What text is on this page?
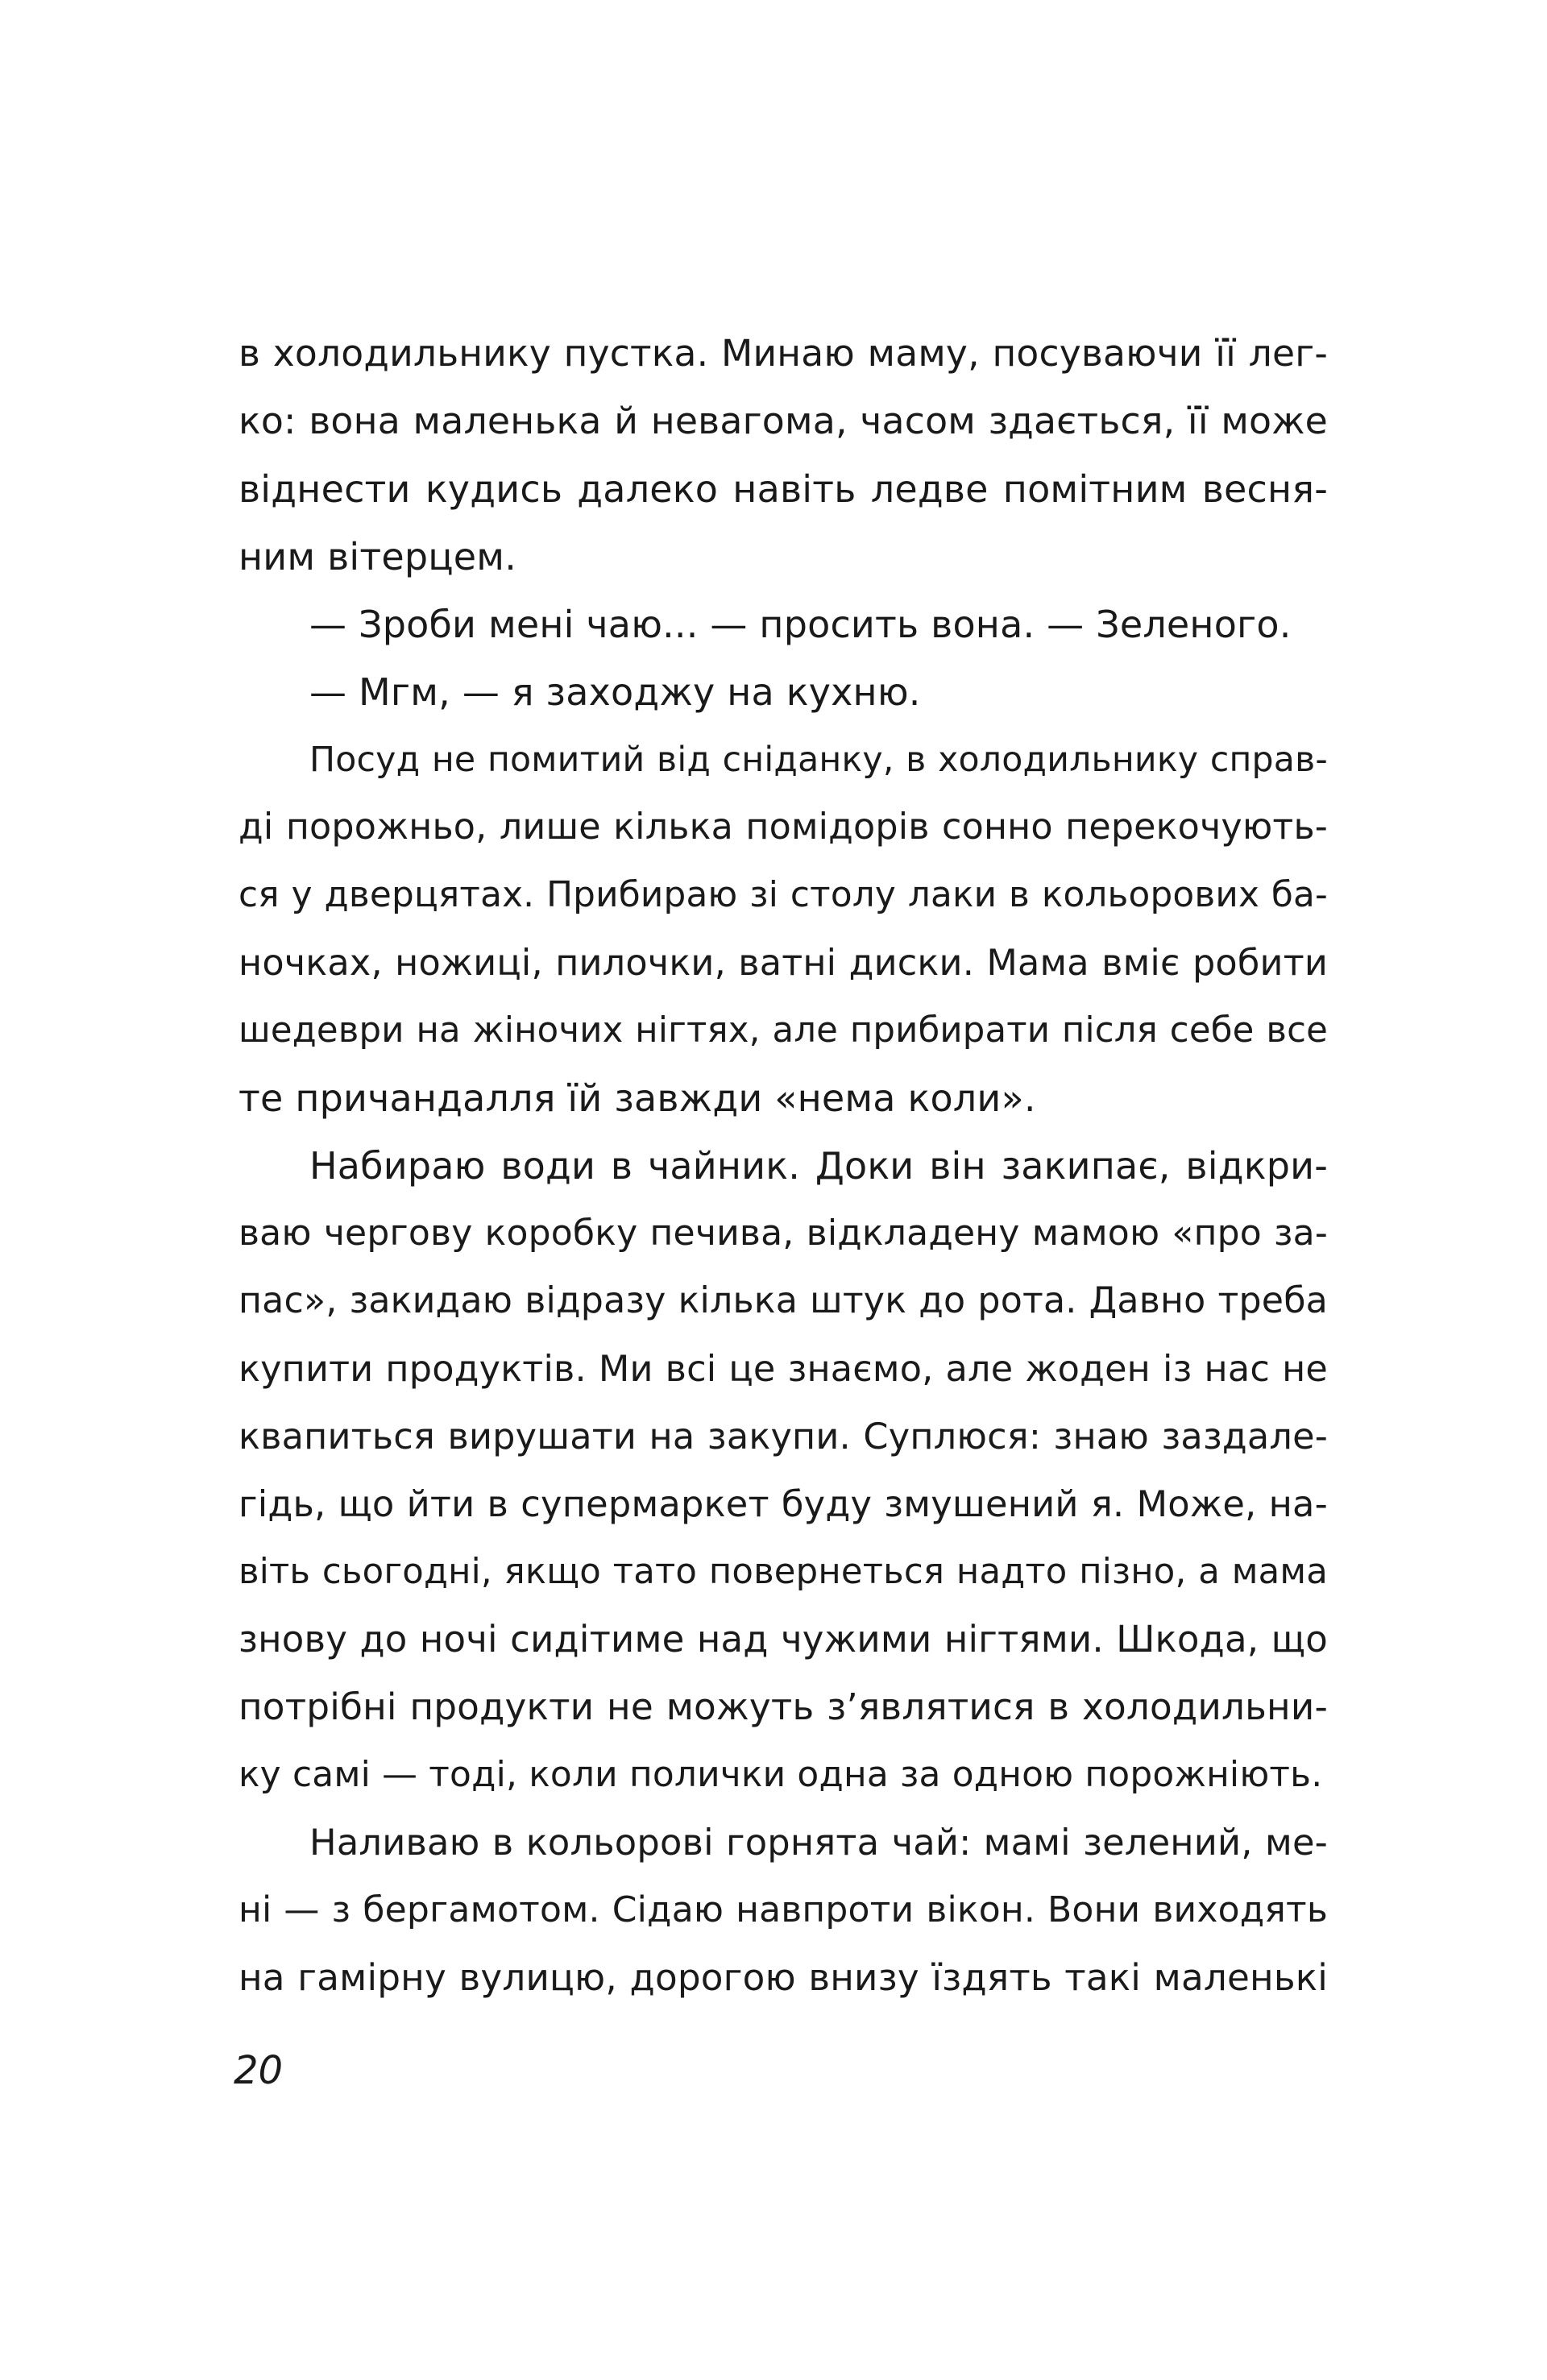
в холодильнику пустка. Минаю маму, посуваючи її лег-
ко: вона маленька й невагома, часом здається, її може
віднести кудись далеко навіть ледве помітним весня-
ним вітерцем.
— Зроби мені чаю... — просить вона. — Зеленого.
— Мгм, — я заходжу на кухню.
Посуд не помитий від сніданку, в холодильнику справ-
ді порожньо, лише кілька помідорів сонно перекочують-
ся у дверцятах. Прибираю зі столу лаки в кольорових ба-
ночках, ножиці, пилочки, ватні диски. Мама вміє робити
шедеври на жіночих нігтях, але прибирати після себе все
те причандалля їй завжди «нема коли».
Набираю води в чайник. Доки він закипає, відкри-
ваю чергову коробку печива, відкладену мамою «про за-
пас», закидаю відразу кілька штук до рота. Давно треба
купити продуктів. Ми всі це знаємо, але жоден із нас не
квапиться вирушати на закупи. Суплюся: знаю заздале-
гідь, що йти в супермаркет буду змушений я. Може, на-
віть сьогодні, якщо тато повернеться надто пізно, а мама
знову до ночі сидітиме над чужими нігтями. Шкода, що
потрібні продукти не можуть з’являтися в холодильни-
ку самі — тоді, коли полички одна за одною порожніють.
Наливаю в кольорові горнята чай: мамі зелений, ме-
ні — з бергамотом. Сідаю навпроти вікон. Вони виходять
на гамірну вулицю, дорогою внизу їздять такі маленькі
20
